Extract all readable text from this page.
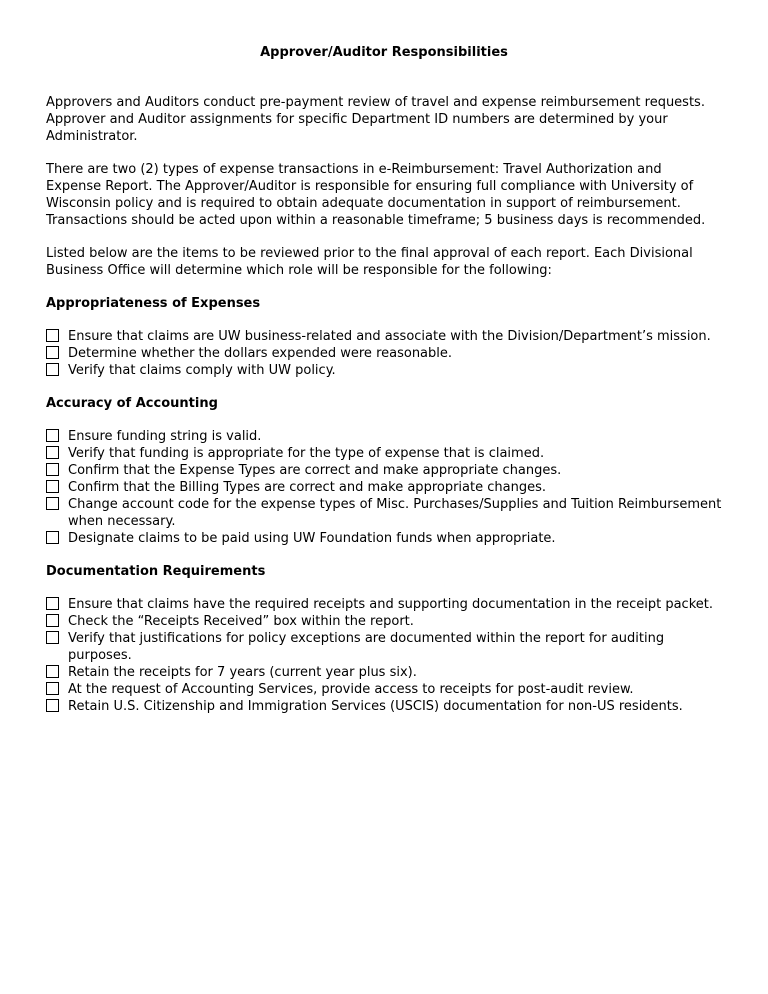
Approver/Auditor Responsibilities

Approvers and Auditors conduct pre-payment review of travel and expense reimbursement requests. Approver and Auditor assignments for specific Department ID numbers are determined by your Administrator.

There are two (2) types of expense transactions in e-Reimbursement: Travel Authorization and Expense Report. The Approver/Auditor is responsible for ensuring full compliance with University of Wisconsin policy and is required to obtain adequate documentation in support of reimbursement. Transactions should be acted upon within a reasonable timeframe; 5 business days is recommended.

Listed below are the items to be reviewed prior to the final approval of each report. Each Divisional Business Office will determine which role will be responsible for the following:

Appropriateness of Expenses
Ensure that claims are UW business-related and associate with the Division/Department’s mission.
Determine whether the dollars expended were reasonable.
Verify that claims comply with UW policy.
Accuracy of Accounting
Ensure funding string is valid.
Verify that funding is appropriate for the type of expense that is claimed.
Confirm that the Expense Types are correct and make appropriate changes.
Confirm that the Billing Types are correct and make appropriate changes.
Change account code for the expense types of Misc. Purchases/Supplies and Tuition Reimbursement when necessary.
Designate claims to be paid using UW Foundation funds when appropriate.
Documentation Requirements
Ensure that claims have the required receipts and supporting documentation in the receipt packet.
Check the “Receipts Received” box within the report.
Verify that justifications for policy exceptions are documented within the report for auditing purposes.
Retain the receipts for 7 years (current year plus six).
At the request of Accounting Services, provide access to receipts for post-audit review.
Retain U.S. Citizenship and Immigration Services (USCIS) documentation for non-US residents.
